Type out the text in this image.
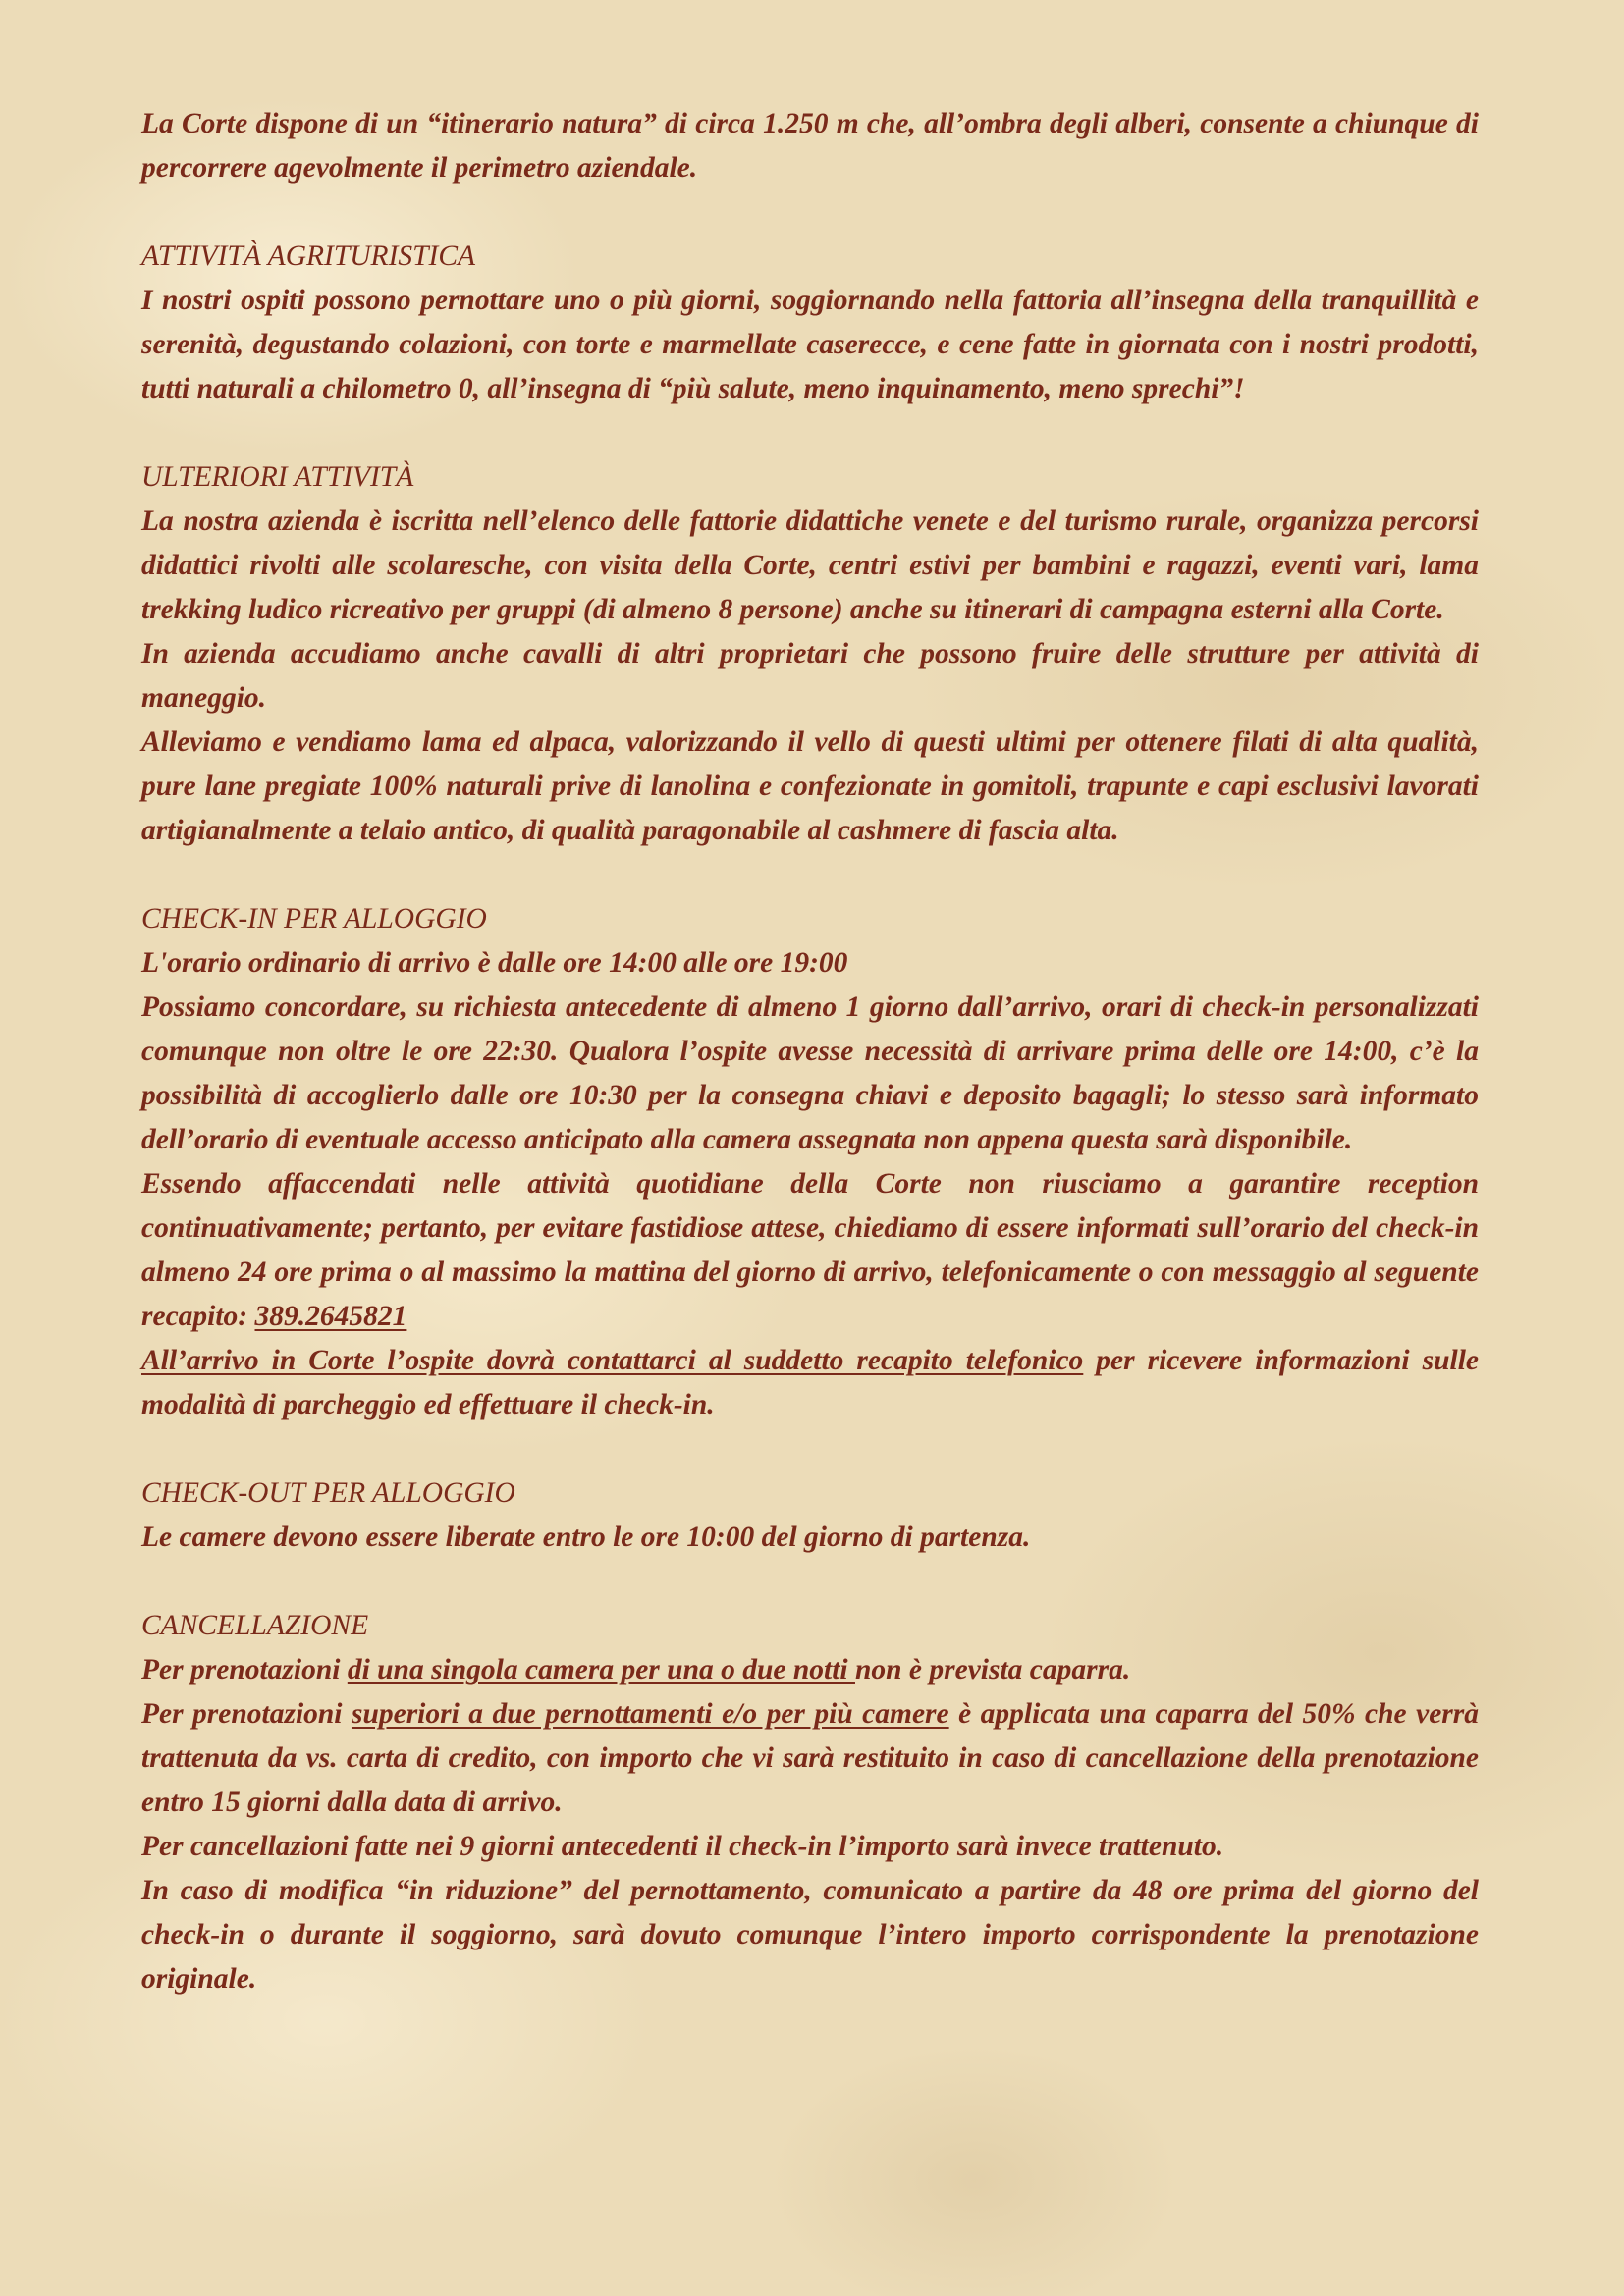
La Corte dispone di un “itinerario natura” di circa 1.250 m che, all’ombra degli alberi, consente a chiunque di percorrere agevolmente il perimetro aziendale.

ATTIVITÀ AGRITURISTICA

I nostri ospiti possono pernottare uno o più giorni, soggiornando nella fattoria all’insegna della tranquillità e serenità, degustando colazioni, con torte e marmellate caserecce, e cene fatte in giornata con i nostri prodotti, tutti naturali a chilometro 0, all’insegna di “più salute, meno inquinamento, meno sprechi”!

ULTERIORI ATTIVITÀ

La nostra azienda è iscritta nell’elenco delle fattorie didattiche venete e del turismo rurale, organizza percorsi didattici rivolti alle scolaresche, con visita della Corte, centri estivi per bambini e ragazzi, eventi vari, lama trekking ludico ricreativo per gruppi (di almeno 8 persone) anche su itinerari di campagna esterni alla Corte.

In azienda accudiamo anche cavalli di altri proprietari che possono fruire delle strutture per attività di maneggio.

Alleviamo e vendiamo lama ed alpaca, valorizzando il vello di questi ultimi per ottenere filati di alta qualità, pure lane pregiate 100% naturali prive di lanolina e confezionate in gomitoli, trapunte e capi esclusivi lavorati artigianalmente a telaio antico, di qualità paragonabile al cashmere di fascia alta.

CHECK-IN PER ALLOGGIO

L'orario ordinario di arrivo è dalle ore 14:00 alle ore 19:00

Possiamo concordare, su richiesta antecedente di almeno 1 giorno dall’arrivo, orari di check-in personalizzati comunque non oltre le ore 22:30. Qualora l’ospite avesse necessità di arrivare prima delle ore 14:00, c’è la possibilità di accoglierlo dalle ore 10:30 per la consegna chiavi e deposito bagagli; lo stesso sarà informato dell’orario di eventuale accesso anticipato alla camera assegnata non appena questa sarà disponibile.

Essendo affaccendati nelle attività quotidiane della Corte non riusciamo a garantire reception continuativamente; pertanto, per evitare fastidiose attese, chiediamo di essere informati sull’orario del check-in almeno 24 ore prima o al massimo la mattina del giorno di arrivo, telefonicamente o con messaggio al seguente recapito: 389.2645821

All’arrivo in Corte l’ospite dovrà contattarci al suddetto recapito telefonico per ricevere informazioni sulle modalità di parcheggio ed effettuare il check-in.

CHECK-OUT PER ALLOGGIO

Le camere devono essere liberate entro le ore 10:00 del giorno di partenza.

CANCELLAZIONE

Per prenotazioni di una singola camera per una o due notti non è prevista caparra.

Per prenotazioni superiori a due pernottamenti e/o per più camere è applicata una caparra del 50% che verrà trattenuta da vs. carta di credito, con importo che vi sarà restituito in caso di cancellazione della prenotazione entro 15 giorni dalla data di arrivo.

Per cancellazioni fatte nei 9 giorni antecedenti il check-in l’importo sarà invece trattenuto.

In caso di modifica “in riduzione” del pernottamento, comunicato a partire da 48 ore prima del giorno del check-in o durante il soggiorno, sarà dovuto comunque l’intero importo corrispondente la prenotazione originale.
